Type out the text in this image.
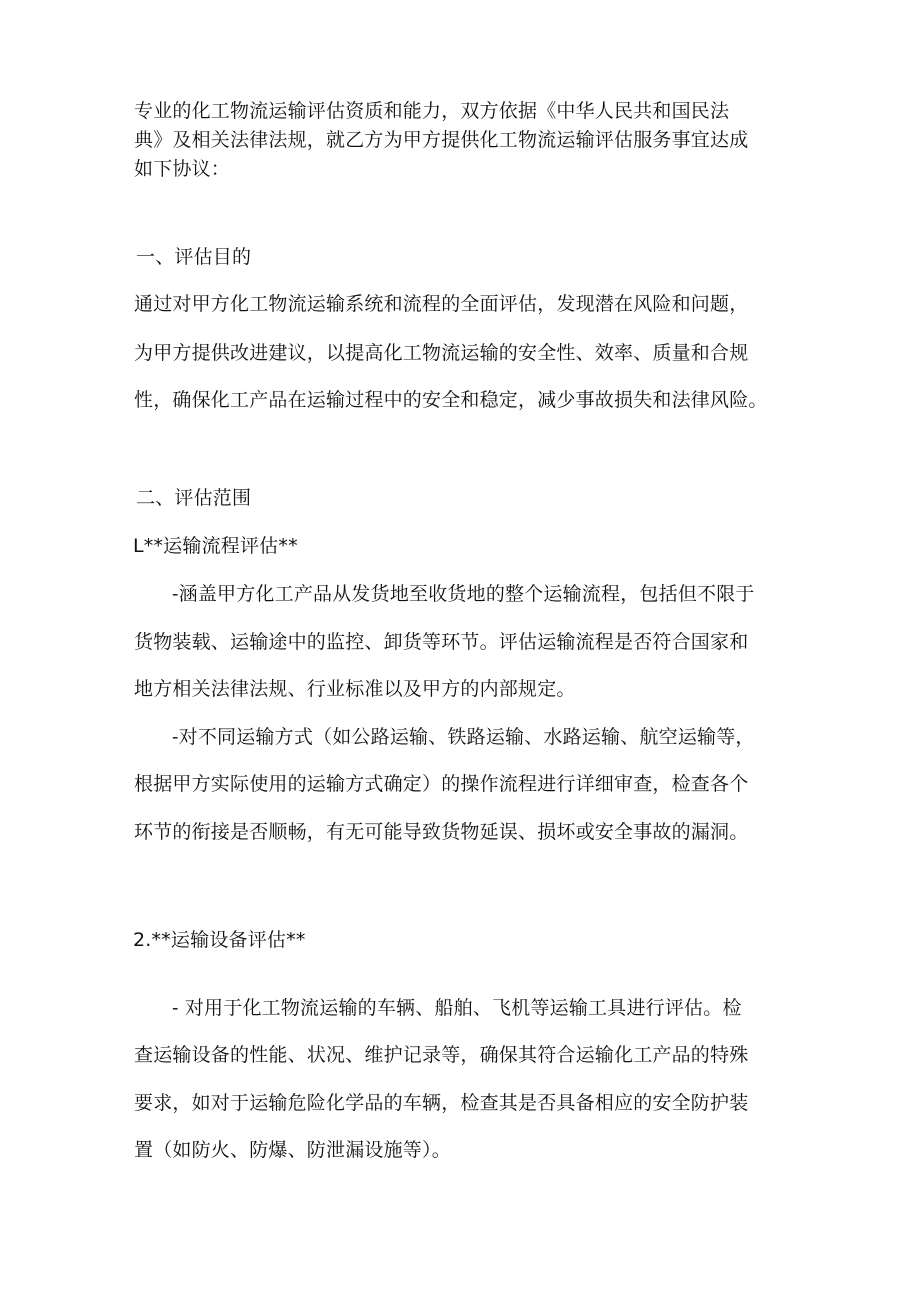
专业的化工物流运输评估资质和能力，双方依据《中华人民共和国民法
典》及相关法律法规，就乙方为甲方提供化工物流运输评估服务事宜达成
如下协议：
一、评估目的
通过对甲方化工物流运输系统和流程的全面评估，发现潜在风险和问题，
为甲方提供改进建议，以提高化工物流运输的安全性、效率、质量和合规
性，确保化工产品在运输过程中的安全和稳定，减少事故损失和法律风险。
二、评估范围
L**运输流程评估**
-涵盖甲方化工产品从发货地至收货地的整个运输流程，包括但不限于
货物装载、运输途中的监控、卸货等环节。评估运输流程是否符合国家和
地方相关法律法规、行业标准以及甲方的内部规定。
-对不同运输方式（如公路运输、铁路运输、水路运输、航空运输等，
根据甲方实际使用的运输方式确定）的操作流程进行详细审查，检查各个
环节的衔接是否顺畅，有无可能导致货物延误、损坏或安全事故的漏洞。
2.**运输设备评估**
- 对用于化工物流运输的车辆、船舶、飞机等运输工具进行评估。检
查运输设备的性能、状况、维护记录等，确保其符合运输化工产品的特殊
要求，如对于运输危险化学品的车辆，检查其是否具备相应的安全防护装
置（如防火、防爆、防泄漏设施等）。
